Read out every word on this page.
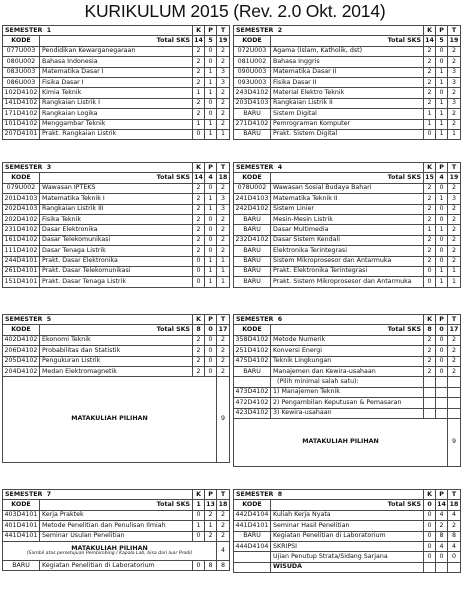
KURIKULUM 2015 (Rev. 2.0 Okt. 2014)
SEMESTER 1		K	P	T
KODE	Total SKS	14	5	19
077U003	Pendidikan Kewarganegaraan	2	0	2
080U002	Bahasa Indonesia	2	0	2
083U003	Matematika Dasar I	2	1	3
086U003	Fisika Dasar I	2	1	3
102D4102	Kimia Teknik	1	1	2
141D4102	Rangkaian Listrik I	2	0	2
171D4102	Rangkaian Logika	2	0	2
101D4102	Menggambar Teknik	1	1	2
207D4101	Prakt. Rangkaian Listrik	0	1	1
SEMESTER 2		K	P	T
KODE	Total SKS	14	5	19
072U003	Agama (Islam, Katholik, dst)	2	0	2
081U002	Bahasa Inggris	2	0	2
090U003	Matematika Dasar II	2	1	3
093U003	Fisika Dasar II	2	1	3
243D4102	Material Elektro Teknik	2	0	2
203D4103	Rangkaian Listrik II	2	1	3
BARU	Sistem Digital	1	1	2
271D4102	Pemrograman Komputer	1	1	2
BARU	Prakt. Sistem Digital	0	1	1
SEMESTER 3		K	P	T
KODE	Total SKS	14	4	18
079U002	Wawasan IPTEKS	2	0	2
201D4103	Matematika Teknik I	2	1	3
202D4103	Rangkaian Listrik III	2	1	3
202D4102	Fisika Teknik	2	0	2
231D4102	Dasar Elektronika	2	0	2
161D4102	Dasar Telekomunikasi	2	0	2
111D4102	Dasar Tenaga Listrik	2	0	2
244D4101	Prakt. Dasar Elektronika	0	1	1
261D4101	Prakt. Dasar Telekomunikasi	0	1	1
151D4101	Prakt. Dasar Tenaga Listrik	0	1	1
SEMESTER 4		K	P	T
KODE	Total SKS	15	4	19
078U002	Wawasan Sosial Budaya Bahari	2	0	2
241D4103	Matematika Teknik II	2	1	3
242D4102	Sistem Linier	2	0	2
BARU	Mesin-Mesin Listrik	2	0	2
BARU	Dasar Multimedia	1	1	2
232D4102	Dasar Sistem Kendali	2	0	2
BARU	Elektronika Terintegrasi	2	0	2
BARU	Sistem Mikroprosesor dan Antarmuka	2	0	2
BARU	Prakt. Elektronika Terintegrasi	0	1	1
BARU	Prakt. Sistem Mikroprosesor dan Antarmuka	0	1	1
SEMESTER 5		K	P	T
KODE	Total SKS	8	0	17
402D4102	Ekonomi Teknik	2	0	2
206D4102	Probabilitas dan Statistik	2	0	2
205D4102	Pengukuran Listrik	2	0	2
204D4102	Medan Elektromagnetik	2	0	2
MATAKULIAH PILIHAN				9
SEMESTER 6		K	P	T
KODE	Total SKS	8	0	17
358D4102	Metode Numerik	2	0	2
251D4102	Konversi Energi	2	0	2
475D4102	Teknik Lingkungan	2	0	2
BARU	Manajemen dan Kewira-usahaan	2	0	2
	(Pilih minimal salah satu):			
473D4102	1) Manajemen Teknik			
472D4102	2) Pengambilan Keputusan & Pemasaran			
423D4102	3) Kewira-usahaan			
MATAKULIAH PILIHAN				9
SEMESTER 7		K	P	T
KODE	Total SKS	1	13	18
403D4101	Kerja Praktek	0	2	2
401D4101	Metode Penelitian dan Penulisan Ilmiah	1	1	2
441D4101	Seminar Usulan Penelitian	0	2	2

MATAKULIAH PILIHAN
(Sambil atas persetujuan Pembimbing / Kapala Lab, bisa dari luar Prodi)				4
BARU	Kegiatan Penelitian di Laboratorium	0	8	8
SEMESTER 8		K	P	T
KODE	Total SKS	0	14	18
442D4104	Kuliah Kerja Nyata	0	4	4
441D4101	Seminar Hasil Penelitian	0	2	2
BARU	Kegiatan Penelitian di Laboratorium	0	8	8
444D4104	SKRIPSI	0	4	4
	Ujian Penutup Strata/Sidang Sarjana	0	0	0
	WISUDA			
